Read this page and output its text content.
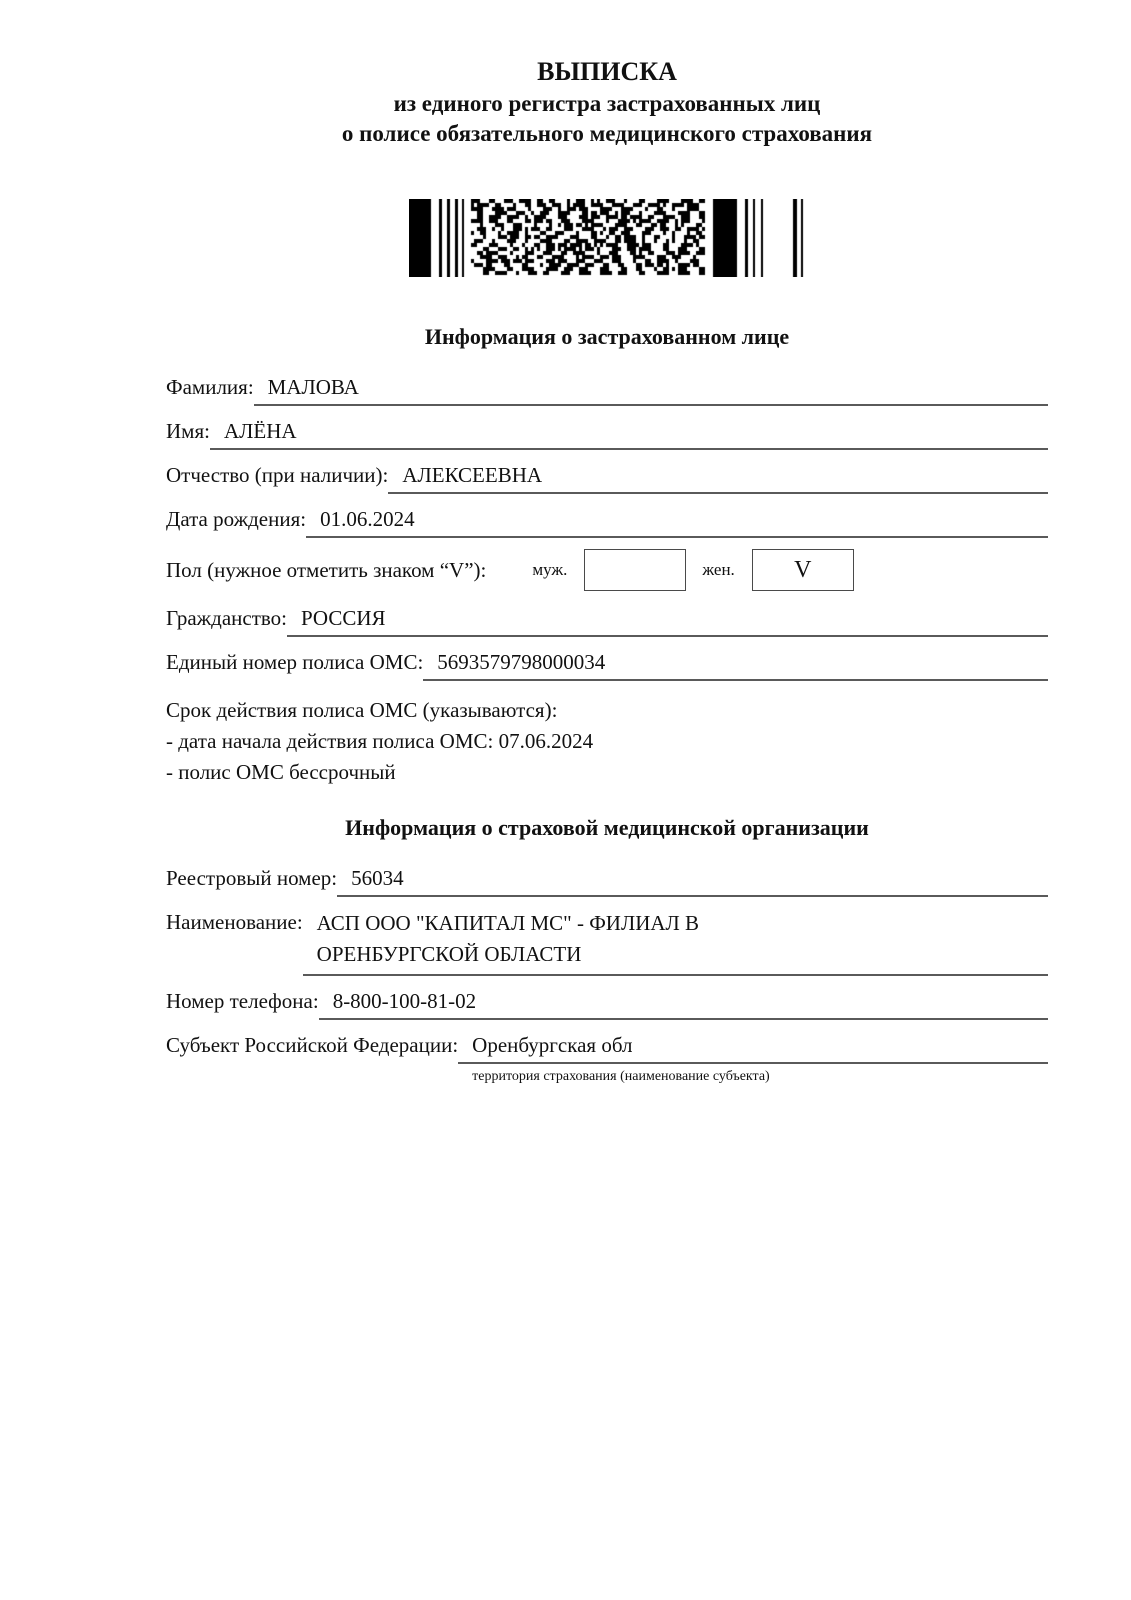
ВЫПИСКА
из единого регистра застрахованных лиц
о полисе обязательного медицинского страхования
Информация о застрахованном лице
Фамилия: МАЛОВА
Имя: АЛЁНА
Отчество (при наличии): АЛЕКСЕЕВНА
Дата рождения: 01.06.2024
Пол (нужное отметить знаком “V”):	муж.	жен.	V
Гражданство: РОССИЯ
Единый номер полиса ОМС: 5693579798000034
Срок действия полиса ОМС (указываются):
- дата начала действия полиса ОМС: 07.06.2024
- полис ОМС бессрочный
Информация о страховой медицинской организации
Реестровый номер: 56034
Наименование: АСП ООО "КАПИТАЛ МС" - ФИЛИАЛ В
ОРЕНБУРГСКОЙ ОБЛАСТИ
Номер телефона: 8-800-100-81-02
Субъект Российской Федерации: Оренбургская обл
территория страхования (наименование субъекта)
